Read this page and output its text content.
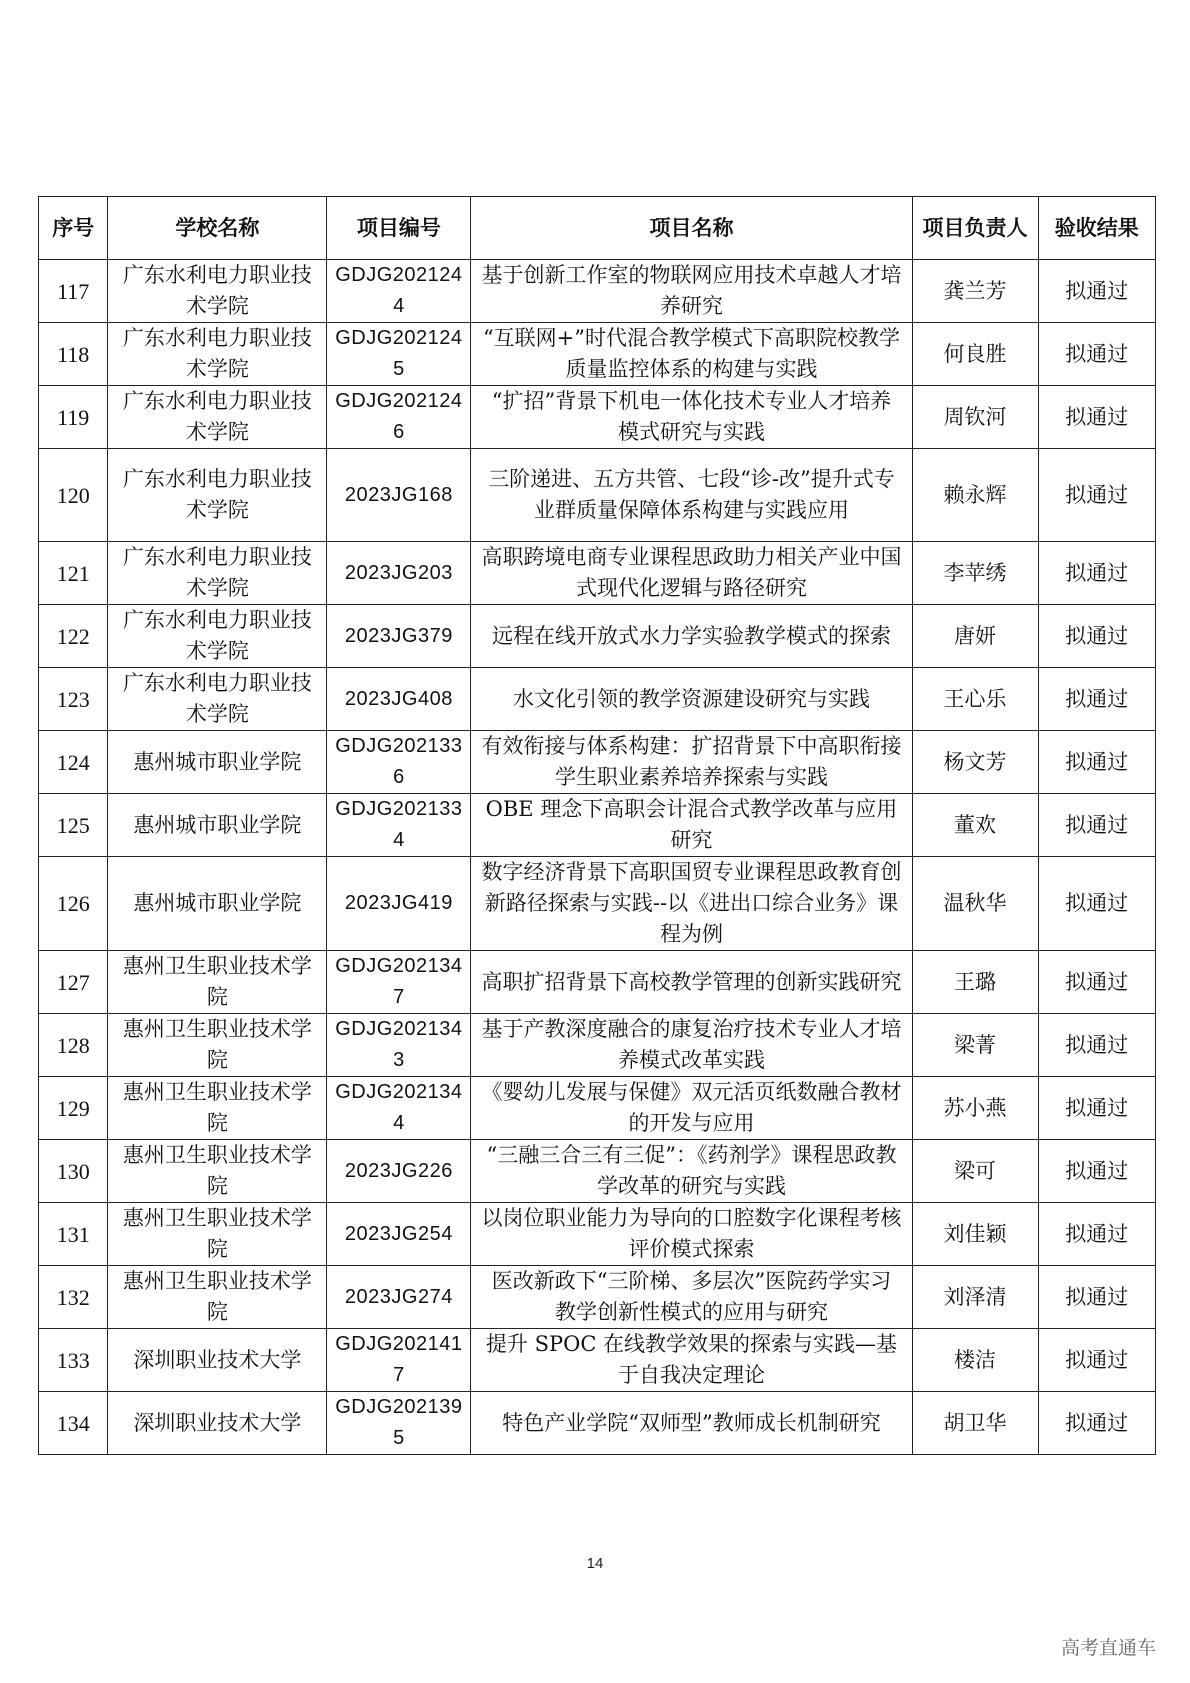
序号	学校名称	项目编号	项目名称	项目负责人	验收结果
117	广东水利电力职业技术学院	GDJG2021244	基于创新工作室的物联网应用技术卓越人才培养研究	龚兰芳	拟通过
118	广东水利电力职业技术学院	GDJG2021245	“互联网+”时代混合教学模式下高职院校教学质量监控体系的构建与实践	何良胜	拟通过
119	广东水利电力职业技术学院	GDJG2021246	“扩招”背景下机电一体化技术专业人才培养模式研究与实践	周钦河	拟通过
120	广东水利电力职业技术学院	2023JG168	三阶递进、五方共管、七段“诊-改”提升式专业群质量保障体系构建与实践应用	赖永辉	拟通过
121	广东水利电力职业技术学院	2023JG203	高职跨境电商专业课程思政助力相关产业中国式现代化逻辑与路径研究	李苹绣	拟通过
122	广东水利电力职业技术学院	2023JG379	远程在线开放式水力学实验教学模式的探索	唐妍	拟通过
123	广东水利电力职业技术学院	2023JG408	水文化引领的教学资源建设研究与实践	王心乐	拟通过
124	惠州城市职业学院	GDJG2021336	有效衔接与体系构建：扩招背景下中高职衔接学生职业素养培养探索与实践	杨文芳	拟通过
125	惠州城市职业学院	GDJG2021334	OBE 理念下高职会计混合式教学改革与应用研究	董欢	拟通过
126	惠州城市职业学院	2023JG419	数字经济背景下高职国贸专业课程思政教育创新路径探索与实践--以《进出口综合业务》课程为例	温秋华	拟通过
127	惠州卫生职业技术学院	GDJG2021347	高职扩招背景下高校教学管理的创新实践研究	王璐	拟通过
128	惠州卫生职业技术学院	GDJG2021343	基于产教深度融合的康复治疗技术专业人才培养模式改革实践	梁菁	拟通过
129	惠州卫生职业技术学院	GDJG2021344	《婴幼儿发展与保健》双元活页纸数融合教材的开发与应用	苏小燕	拟通过
130	惠州卫生职业技术学院	2023JG226	“三融三合三有三促”：《药剂学》课程思政教学改革的研究与实践	梁可	拟通过
131	惠州卫生职业技术学院	2023JG254	以岗位职业能力为导向的口腔数字化课程考核评价模式探索	刘佳颖	拟通过
132	惠州卫生职业技术学院	2023JG274	医改新政下“三阶梯、多层次”医院药学实习教学创新性模式的应用与研究	刘泽清	拟通过
133	深圳职业技术大学	GDJG2021417	提升 SPOC 在线教学效果的探索与实践—基于自我决定理论	楼洁	拟通过
134	深圳职业技术大学	GDJG2021395	特色产业学院“双师型”教师成长机制研究	胡卫华	拟通过
14
高考直通车
